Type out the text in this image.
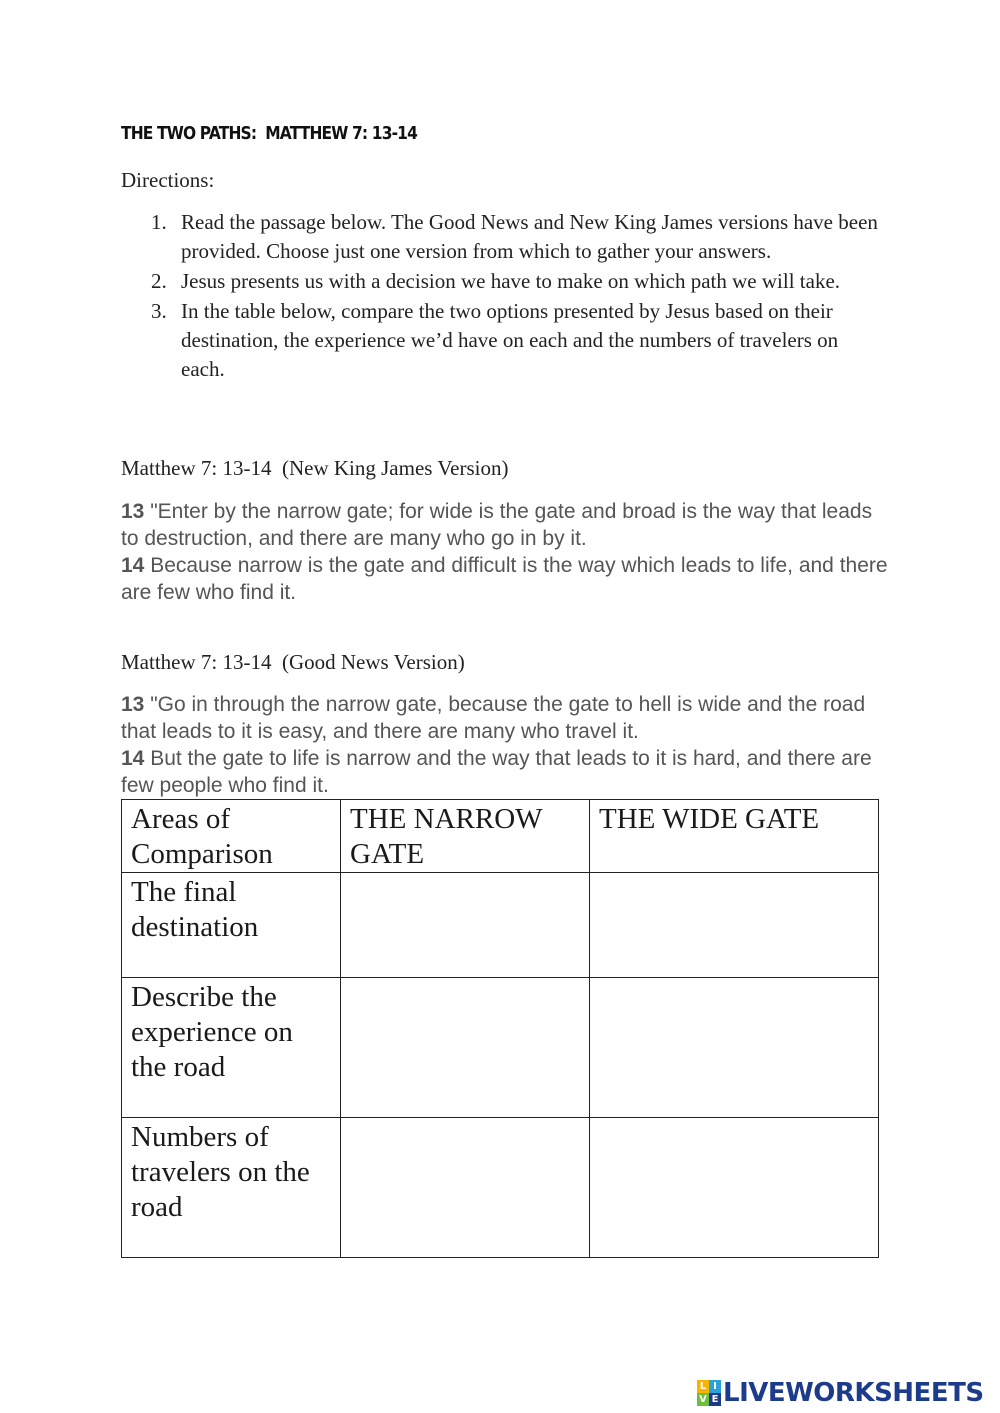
THE TWO PATHS:  MATTHEW 7: 13-14
Directions:
1. Read the passage below. The Good News and New King James versions have been provided. Choose just one version from which to gather your answers.
2. Jesus presents us with a decision we have to make on which path we will take.
3. In the table below, compare the two options presented by Jesus based on their destination, the experience we’d have on each and the numbers of travelers on each.
Matthew 7: 13-14  (New King James Version)

13 "Enter by the narrow gate; for wide is the gate and broad is the way that leads to destruction, and there are many who go in by it.

14 Because narrow is the gate and difficult is the way which leads to life, and there are few who find it.

Matthew 7: 13-14  (Good News Version)

13 "Go in through the narrow gate, because the gate to hell is wide and the road that leads to it is easy, and there are many who travel it.

14 But the gate to life is narrow and the way that leads to it is hard, and there are few people who find it.

Areas of Comparison	THE NARROW GATE	THE WIDE GATE
The final destination		
Describe the experience on the road		
Numbers of travelers on the road		
L I
V E LIVEWORKSHEETS
